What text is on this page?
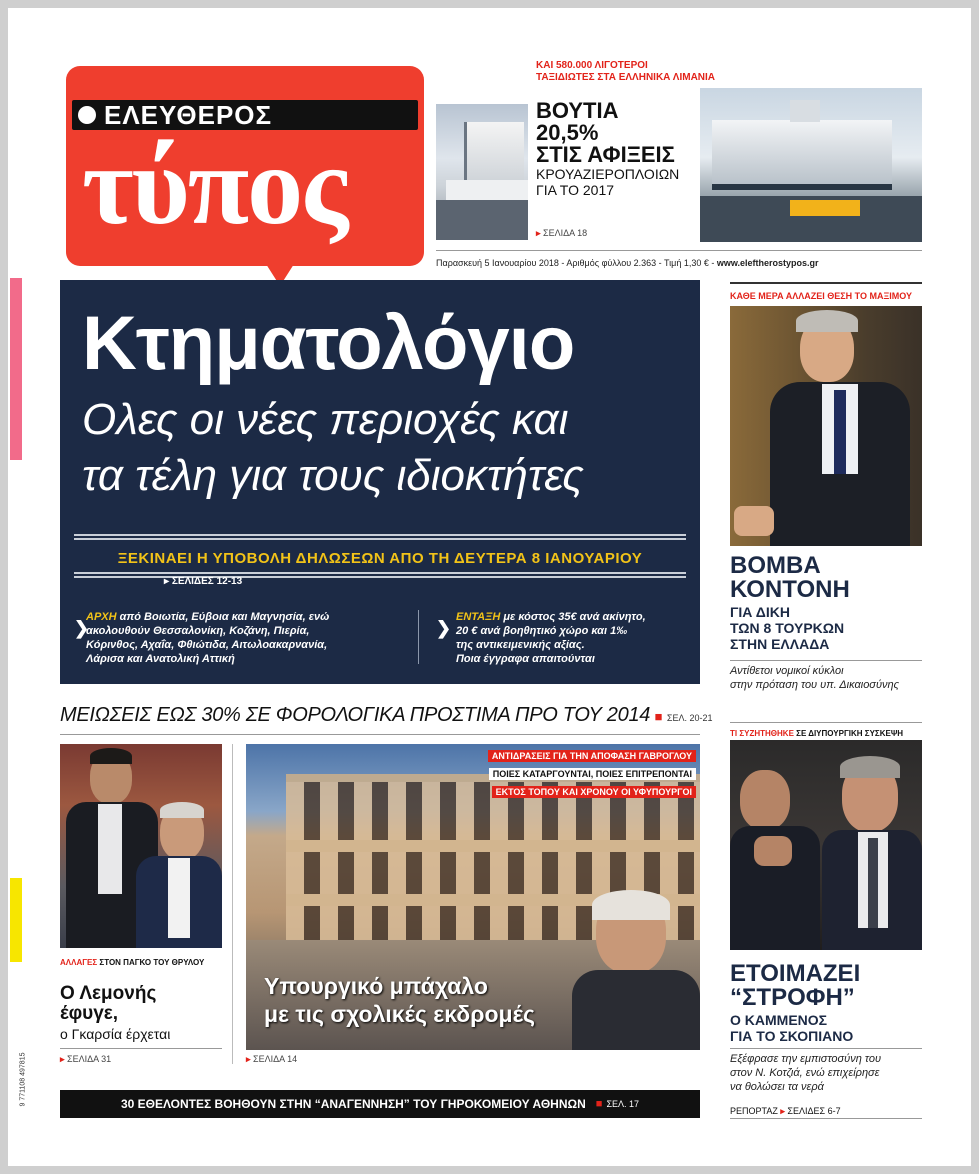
ΕΛΕΥΘΕΡΟΣ
τύπος
ΚΑΙ 580.000 ΛΙΓΟΤΕΡΟΙ
ΤΑΞΙΔΙΩΤΕΣ ΣΤΑ ΕΛΛΗΝΙΚΑ ΛΙΜΑΝΙΑ
ΒΟΥΤΙΑ
20,5%
ΣΤΙΣ ΑΦΙΞΕΙΣ
ΚΡΟΥΑΖΙΕΡΟΠΛΟΙΩΝ
ΓΙΑ ΤΟ 2017
▸ ΣΕΛΙΔΑ 18
Παρασκευή 5 Ιανουαρίου 2018 - Αριθμός φύλλου 2.363 - Τιμή 1,30 € - www.eleftherostypos.gr
Κτηματολόγιο
Ολες οι νέες περιοχές και
τα τέλη για τους ιδιοκτήτες
ΞΕΚΙΝΑΕΙ Η ΥΠΟΒΟΛΗ ΔΗΛΩΣΕΩΝ ΑΠΟ ΤΗ ΔΕΥΤΕΡΑ 8 ΙΑΝΟΥΑΡΙΟΥ
▸ ΣΕΛΙΔΕΣ 12-13
❯
ΑΡΧΗ από Βοιωτία, Εύβοια και Μαγνησία, ενώ
ακολουθούν Θεσσαλονίκη, Κοζάνη, Πιερία,
Κόρινθος, Αχαΐα, Φθιώτιδα, Αιτωλοακαρνανία,
Λάρισα και Ανατολική Αττική
❯
ΕΝΤΑΞΗ με κόστος 35€ ανά ακίνητο,
20 € ανά βοηθητικό χώρο και 1‰
της αντικειμενικής αξίας.
Ποια έγγραφα απαιτούνται
ΚΑΘΕ ΜΕΡΑ ΑΛΛΑΖΕΙ ΘΕΣΗ ΤΟ ΜΑΞΙΜΟΥ
ΒΟΜΒΑ
ΚΟΝΤΟΝΗ
ΓΙΑ ΔΙΚΗ
ΤΩΝ 8 ΤΟΥΡΚΩΝ
ΣΤΗΝ ΕΛΛΑΔΑ
Αντίθετοι νομικοί κύκλοι
στην πρόταση του υπ. Δικαιοσύνης
ΜΕΙΩΣΕΙΣ ΕΩΣ 30% ΣΕ ΦΟΡΟΛΟΓΙΚΑ ΠΡΟΣΤΙΜΑ ΠΡΟ ΤΟΥ 2014 ■ ΣΕΛ. 20-21
ΑΛΛΑΓΕΣ ΣΤΟΝ ΠΑΓΚΟ ΤΟΥ ΘΡΥΛΟΥ
Ο Λεμονής
έφυγε,
ο Γκαρσία έρχεται
▸ ΣΕΛΙΔΑ 31
ΑΝΤΙΔΡΑΣΕΙΣ ΓΙΑ ΤΗΝ ΑΠΟΦΑΣΗ ΓΑΒΡΟΓΛΟΥ ΠΟΙΕΣ ΚΑΤΑΡΓΟΥΝΤΑΙ, ΠΟΙΕΣ ΕΠΙΤΡΕΠΟΝΤΑΙ ΕΚΤΟΣ ΤΟΠΟΥ ΚΑΙ ΧΡΟΝΟΥ ΟΙ ΥΦΥΠΟΥΡΓΟΙ
Υπουργικό μπάχαλο
με τις σχολικές εκδρομές
▸ ΣΕΛΙΔΑ 14
ΤΙ ΣΥΖΗΤΗΘΗΚΕ ΣΕ ΔΙΥΠΟΥΡΓΙΚΗ ΣΥΣΚΕΨΗ
ΕΤΟΙΜΑΖΕΙ
“ΣΤΡΟΦΗ”
Ο ΚΑΜΜΕΝΟΣ
ΓΙΑ ΤΟ ΣΚΟΠΙΑΝΟ
Εξέφρασε την εμπιστοσύνη του
στον Ν. Κοτζιά, ενώ επιχείρησε
να θολώσει τα νερά
ΡΕΠΟΡΤΑΖ ▸ ΣΕΛΙΔΕΣ 6-7
30 ΕΘΕΛΟΝΤΕΣ ΒΟΗΘΟΥΝ ΣΤΗΝ “ΑΝΑΓΕΝΝΗΣΗ” ΤΟΥ ΓΗΡΟΚΟΜΕΙΟΥ ΑΘΗΝΩΝ ■ ΣΕΛ. 17
9 771108 497815
